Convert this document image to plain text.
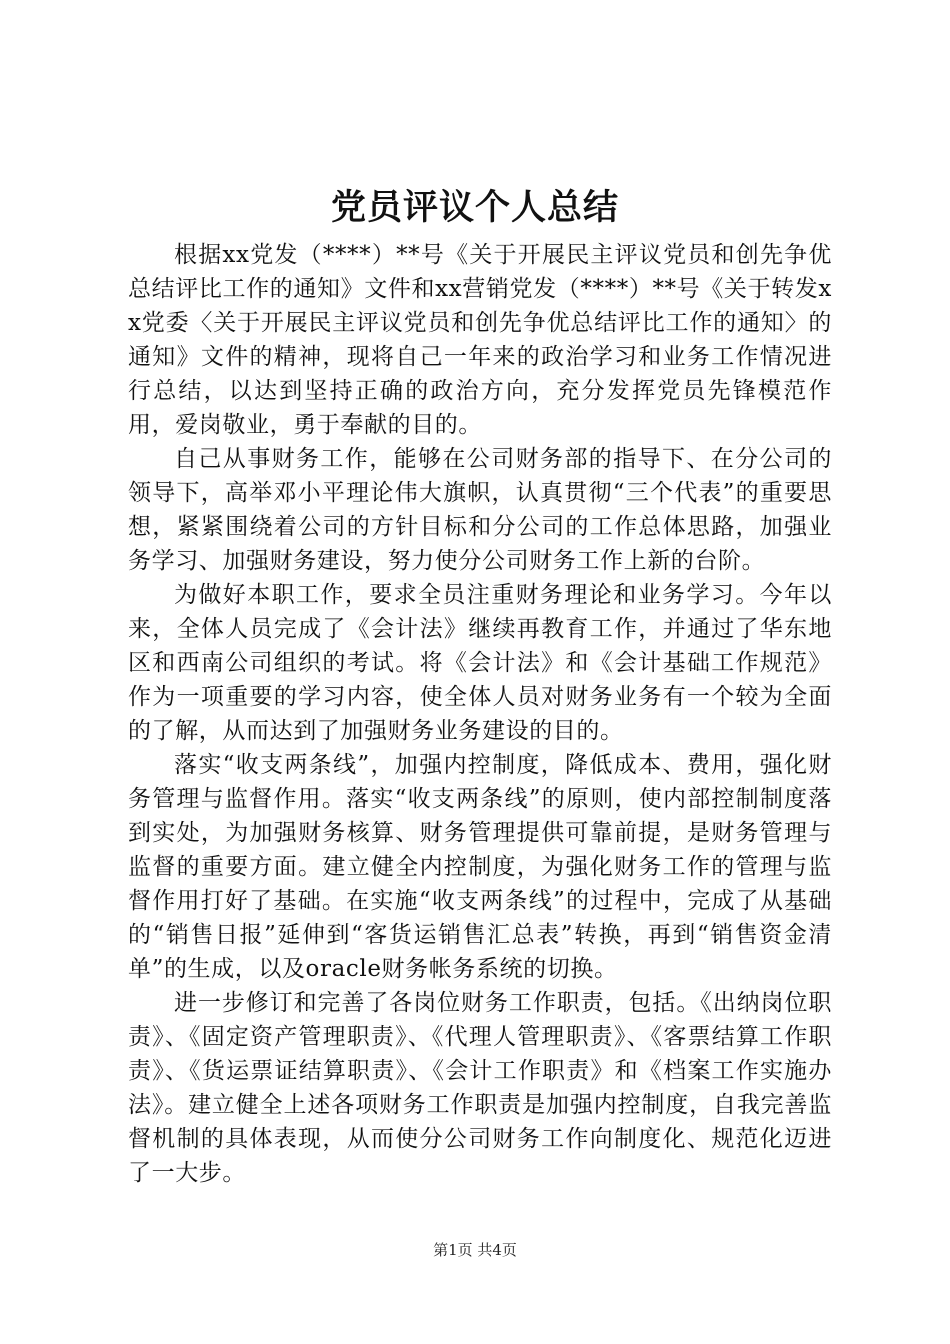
党员评议个人总结

根据xx党发（****）**号《关于开展民主评议党员和创先争优总结评比工作的通知》文件和xx营销党发（****）**号《关于转发xx党委〈关于开展民主评议党员和创先争优总结评比工作的通知〉的通知》文件的精神，现将自己一年来的政治学习和业务工作情况进行总结，以达到坚持正确的政治方向，充分发挥党员先锋模范作用，爱岗敬业，勇于奉献的目的。

自己从事财务工作，能够在公司财务部的指导下、在分公司的领导下，高举邓小平理论伟大旗帜，认真贯彻“三个代表”的重要思想，紧紧围绕着公司的方针目标和分公司的工作总体思路，加强业务学习、加强财务建设，努力使分公司财务工作上新的台阶。

为做好本职工作，要求全员注重财务理论和业务学习。今年以来，全体人员完成了《会计法》继续再教育工作，并通过了华东地区和西南公司组织的考试。将《会计法》和《会计基础工作规范》作为一项重要的学习内容，使全体人员对财务业务有一个较为全面的了解，从而达到了加强财务业务建设的目的。

落实“收支两条线”，加强内控制度，降低成本、费用，强化财务管理与监督作用。落实“收支两条线”的原则，使内部控制制度落到实处，为加强财务核算、财务管理提供可靠前提，是财务管理与监督的重要方面。建立健全内控制度，为强化财务工作的管理与监督作用打好了基础。在实施“收支两条线”的过程中，完成了从基础的“销售日报”延伸到“客货运销售汇总表”转换，再到“销售资金清单”的生成，以及oracle财务帐务系统的切换。

进一步修订和完善了各岗位财务工作职责，包括。《出纳岗位职责》、《固定资产管理职责》、《代理人管理职责》、《客票结算工作职责》、《货运票证结算职责》、《会计工作职责》和《档案工作实施办法》。建立健全上述各项财务工作职责是加强内控制度，自我完善监督机制的具体表现，从而使分公司财务工作向制度化、规范化迈进了一大步。

第1页 共4页
